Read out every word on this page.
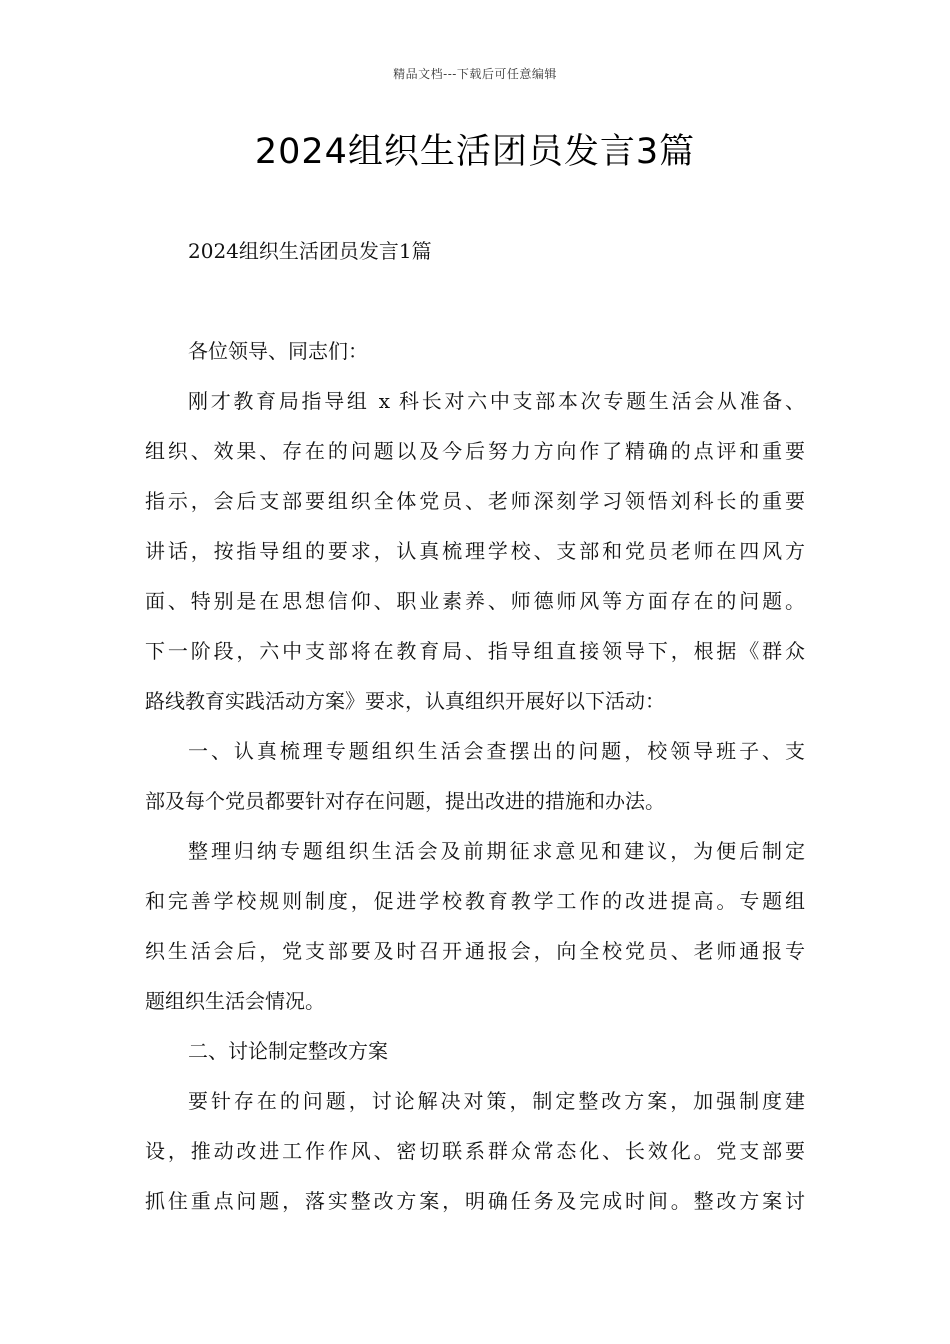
精品文档---下载后可任意编辑
2024组织生活团员发言3篇
2024组织生活团员发言1篇
各位领导、同志们：
刚才教育局指导组 x 科长对六中支部本次专题生活会从准备、
组织、效果、存在的问题以及今后努力方向作了精确的点评和重要
指示，会后支部要组织全体党员、老师深刻学习领悟刘科长的重要
讲话，按指导组的要求，认真梳理学校、支部和党员老师在四风方
面、特别是在思想信仰、职业素养、师德师风等方面存在的问题。
下一阶段，六中支部将在教育局、指导组直接领导下，根据《群众
路线教育实践活动方案》要求，认真组织开展好以下活动：
一、认真梳理专题组织生活会查摆出的问题，校领导班子、支
部及每个党员都要针对存在问题，提出改进的措施和办法。
整理归纳专题组织生活会及前期征求意见和建议，为便后制定
和完善学校规则制度，促进学校教育教学工作的改进提高。专题组
织生活会后，党支部要及时召开通报会，向全校党员、老师通报专
题组织生活会情况。
二、讨论制定整改方案
要针存在的问题，讨论解决对策，制定整改方案，加强制度建
设，推动改进工作作风、密切联系群众常态化、长效化。党支部要
抓住重点问题，落实整改方案，明确任务及完成时间。整改方案讨
